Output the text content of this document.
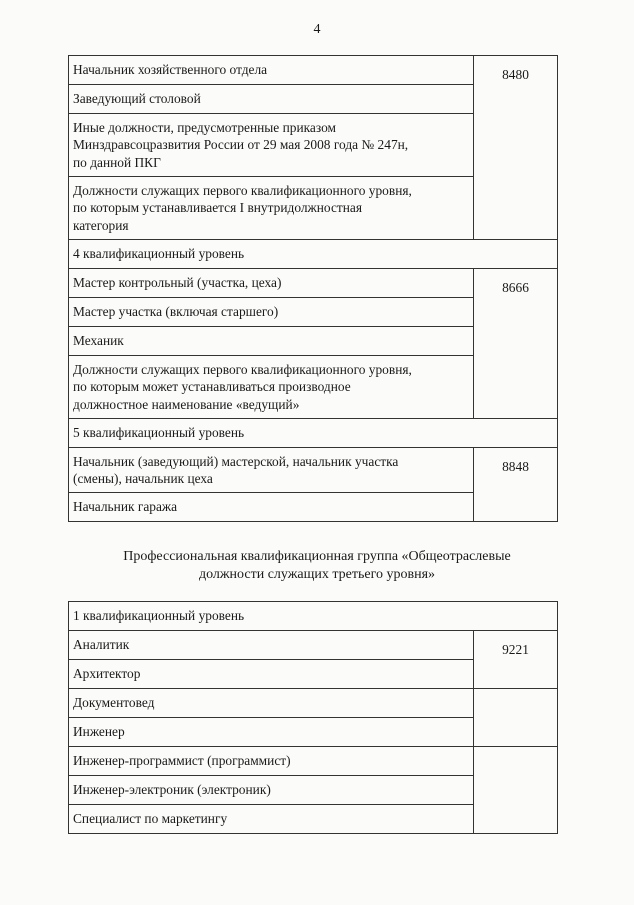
4
Начальник хозяйственного отдела	8480

Заведующий столовой	

Иные должности, предусмотренные приказом
Минздравсоцразвития России от 29 мая 2008 года № 247н,
по данной ПКГ	

Должности служащих первого квалификационного уровня,
по которым устанавливается I внутридолжностная
категория	

4 квалификационный уровень	

Мастер контрольный (участка, цеха)	8666

Мастер участка (включая старшего)	

Механик	

Должности служащих первого квалификационного уровня,
по которым может устанавливаться производное
должностное наименование «ведущий»	

5 квалификационный уровень	

Начальник (заведующий) мастерской, начальник участка
(смены), начальник цеха	8848

Начальник гаража	
Профессиональная квалификационная группа «Общеотраслевые
должности служащих третьего уровня»
1 квалификационный уровень	
Аналитик	9221
Архитектор	
Документовед	
Инженер	
Инженер-программист (программист)	
Инженер-электроник (электроник)	
Специалист по маркетингу	
